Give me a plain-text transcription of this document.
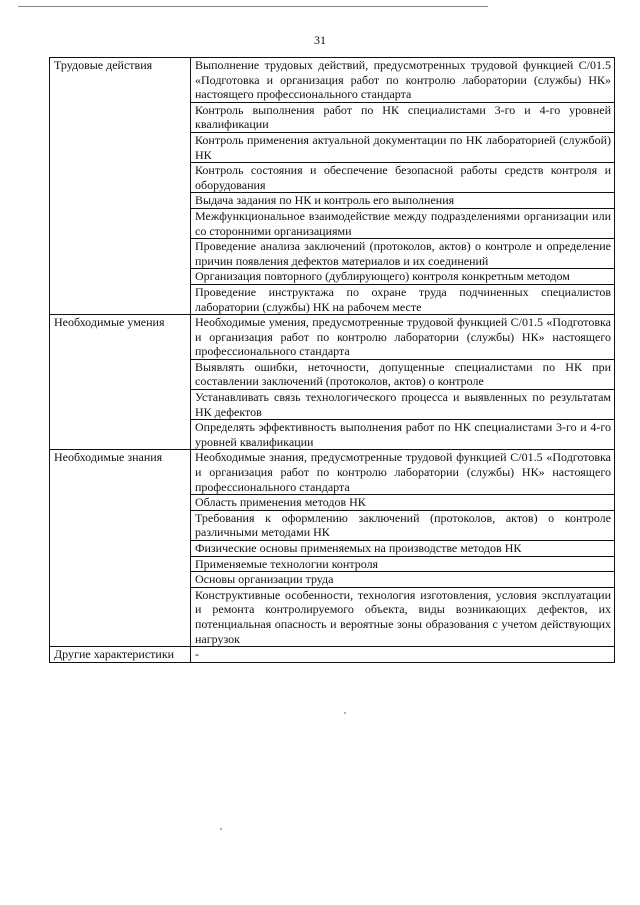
31
Трудовые действия	Выполнение трудовых действий, предусмотренных трудовой функцией С/01.5 «Подготовка и организация работ по контролю лаборатории (службы) НК» настоящего профессионального стандарта

	Контроль выполнения работ по НК специалистами 3-го и 4-го уровней квалификации

	Контроль применения актуальной документации по НК лабораторией (службой) НК

	Контроль состояния и обеспечение безопасной работы средств контроля и оборудования

	Выдача задания по НК и контроль его выполнения

	Межфункциональное взаимодействие между подразделениями организации или со сторонними организациями

	Проведение анализа заключений (протоколов, актов) о контроле и определение причин появления дефектов материалов и их соединений

	Организация повторного (дублирующего) контроля конкретным методом

	Проведение инструктажа по охране труда подчиненных специалистов лаборатории (службы) НК на рабочем месте

Необходимые умения	Необходимые умения, предусмотренные трудовой функцией С/01.5 «Подготовка и организация работ по контролю лаборатории (службы) НК» настоящего профессионального стандарта

	Выявлять ошибки, неточности, допущенные специалистами по НК при составлении заключений (протоколов, актов) о контроле

	Устанавливать связь технологического процесса и выявленных по результатам НК дефектов

	Определять эффективность выполнения работ по НК специалистами 3-го и 4-го уровней квалификации

Необходимые знания	Необходимые знания, предусмотренные трудовой функцией С/01.5 «Подготовка и организация работ по контролю лаборатории (службы) НК» настоящего профессионального стандарта

	Область применения методов НК

	Требования к оформлению заключений (протоколов, актов) о контроле различными методами НК

	Физические основы применяемых на производстве методов НК

	Применяемые технологии контроля

	Основы организации труда

	Конструктивные особенности, технология изготовления, условия эксплуатации и ремонта контролируемого объекта, виды возникающих дефектов, их потенциальная опасность и вероятные зоны образования с учетом действующих нагрузок

Другие характеристики	-
